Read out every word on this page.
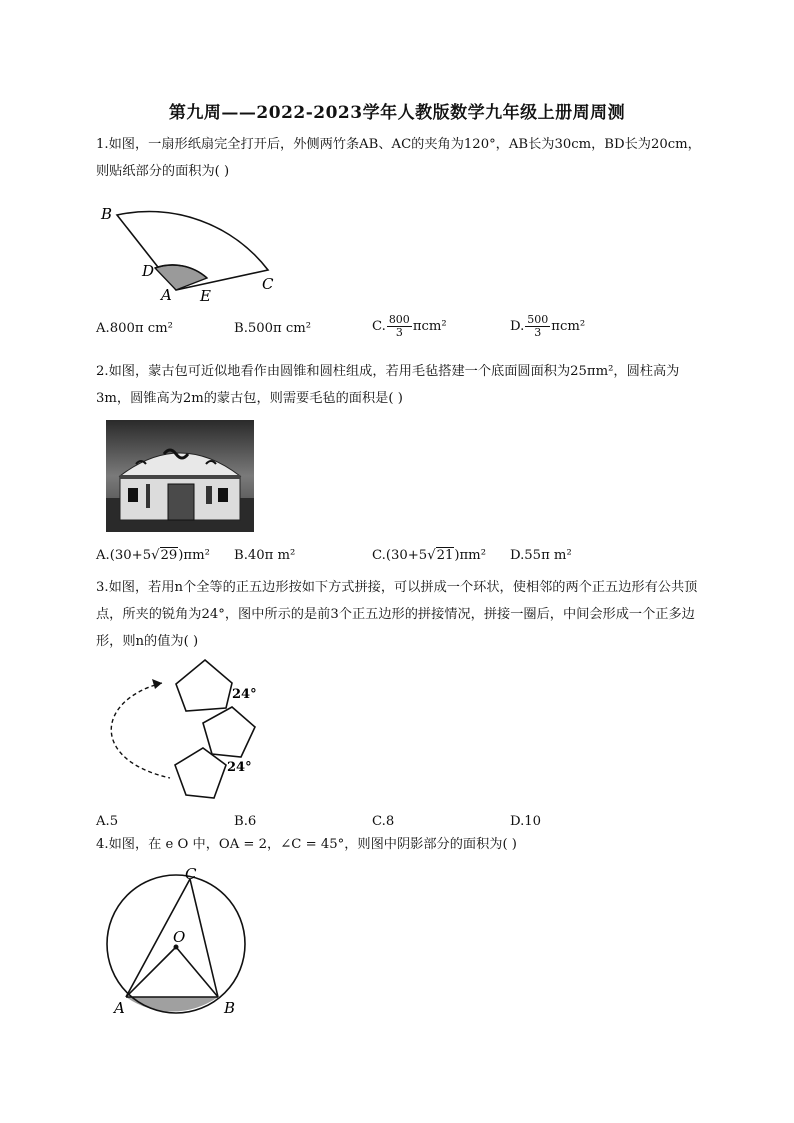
第九周——2022-2023学年人教版数学九年级上册周周测
1.如图，一扇形纸扇完全打开后，外侧两竹条AB、AC的夹角为120°，AB长为30cm，BD长为20cm，则贴纸部分的面积为( )
B
D
A E
C
A.800π cm²	B.500π cm²	C. $\frac{800}{3} \pi cm^2$	D. $\frac{500}{3} \pi cm^2$
2.如图，蒙古包可近似地看作由圆锥和圆柱组成，若用毛毡搭建一个底面圆面积为25πm²，圆柱高为3m，圆锥高为2m的蒙古包，则需要毛毡的面积是( )
A.(30+5√29)πm² B.40π m²	C.(30+5√21)πm² D.55π m²
3.如图，若用n个全等的正五边形按如下方式拼接，可以拼成一个环状，使相邻的两个正五边形有公共顶点，所夹的锐角为24°，图中所示的是前3个正五边形的拼接情况，拼接一圈后，中间会形成一个正多边形，则n的值为( )
24°
24°
A.5	B.6	C.8	D.10
4.如图，在 e O 中，OA = 2，∠C = 45°，则图中阴影部分的面积为( )
C
O
A	B
